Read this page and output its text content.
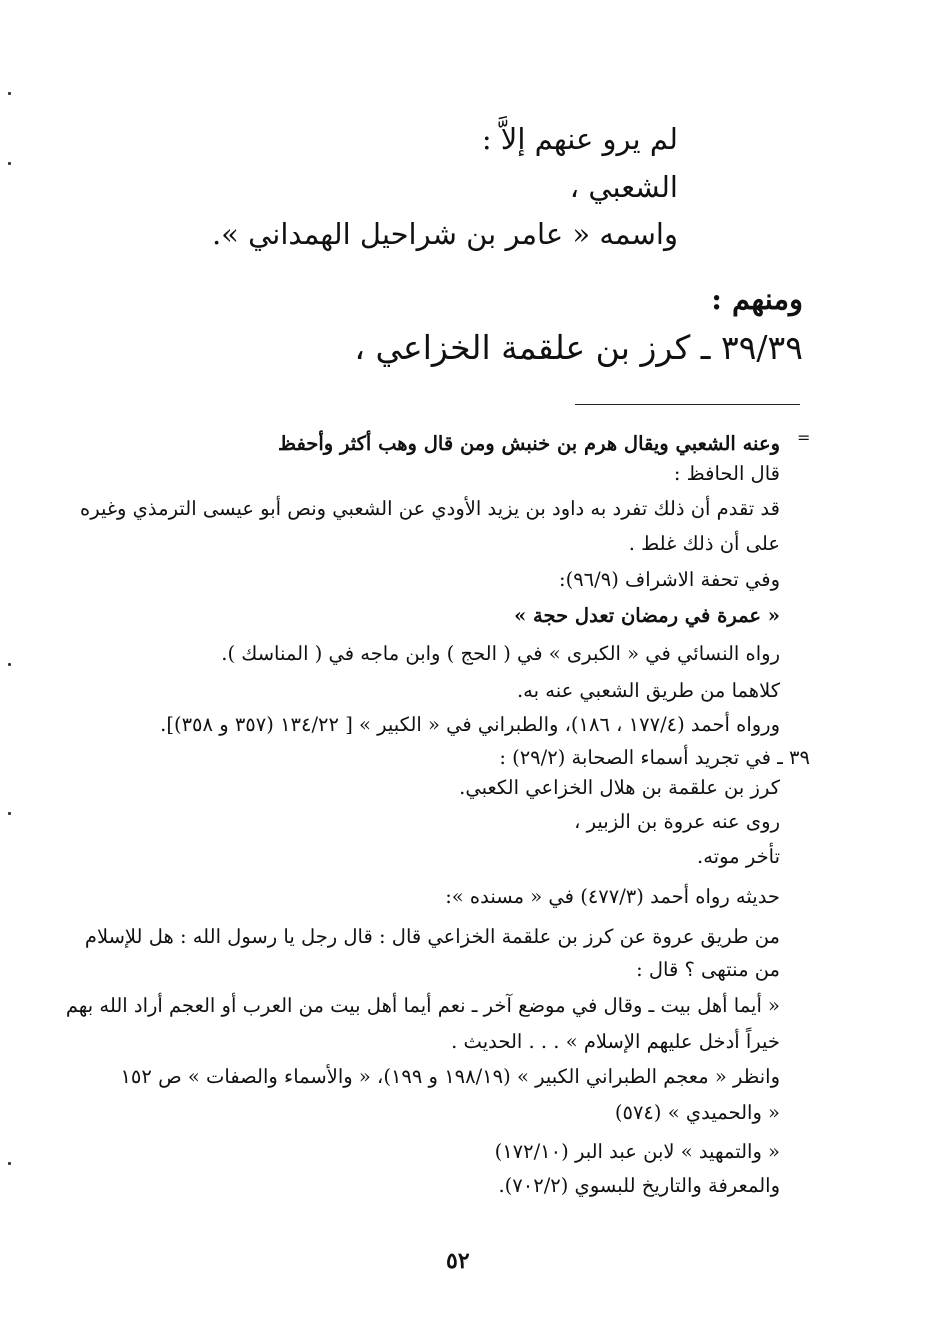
لم يرو عنهم إلاَّ :
الشعبي ،
واسمه « عامر بن شراحيل الهمداني ».
ومنهم :
٣٩/٣٩ ـ كرز بن علقمة الخزاعي ،
=
وعنه الشعبي ويقال هرم بن خنبش ومن قال وهب أكثر وأحفظ
قال الحافظ :
قد تقدم أن ذلك تفرد به داود بن يزيد الأودي عن الشعبي ونص أبو عيسى الترمذي وغيره
على أن ذلك غلط .
وفي تحفة الاشراف (٩٦/٩):
« عمرة في رمضان تعدل حجة »
رواه النسائي في « الكبرى » في ( الحج ) وابن ماجه في ( المناسك ).
كلاهما من طريق الشعبي عنه به.
ورواه أحمد (١٧٧/٤ ، ١٨٦)، والطبراني في « الكبير » [ ١٣٤/٢٢ (٣٥٧ و ٣٥٨)].
٣٩ ـ في تجريد أسماء الصحابة (٢٩/٢) :
كرز بن علقمة بن هلال الخزاعي الكعبي.
روى عنه عروة بن الزبير ،
تأخر موته.
حديثه رواه أحمد (٤٧٧/٣) في « مسنده »:
من طريق عروة عن كرز بن علقمة الخزاعي قال : قال رجل يا رسول الله : هل للإسلام
من منتهى ؟ قال :
« أيما أهل بيت ـ وقال في موضع آخر ـ نعم أيما أهل بيت من العرب أو العجم أراد الله بهم
خيراً أدخل عليهم الإسلام » . . . الحديث .
وانظر « معجم الطبراني الكبير » (١٩٨/١٩ و ١٩٩)، « والأسماء والصفات » ص ١٥٢
« والحميدي » (٥٧٤)
« والتمهيد » لابن عبد البر (١٧٢/١٠)
والمعرفة والتاريخ للبسوي (٧٠٢/٢).
٥٢
